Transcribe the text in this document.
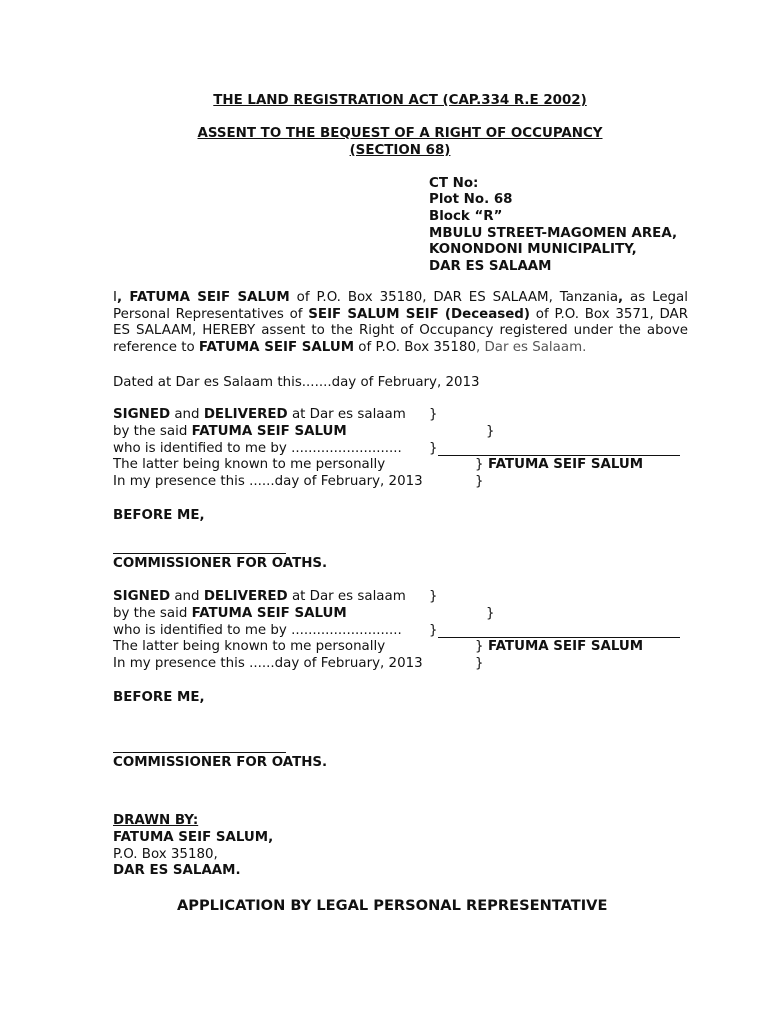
THE LAND REGISTRATION ACT (CAP.334 R.E 2002)
ASSENT TO THE BEQUEST OF A RIGHT OF OCCUPANCY
(SECTION 68)
CT No:
Plot No. 68
Block “R”
MBULU STREET-MAGOMEN AREA,
KONONDONI MUNICIPALITY,
DAR ES SALAAM
I, FATUMA SEIF SALUM of P.O. Box 35180, DAR ES SALAAM, Tanzania, as Legal Personal Representatives of SEIF SALUM SEIF (Deceased) of P.O. Box 3571, DAR ES SALAAM, HEREBY assent to the Right of Occupancy registered under the above reference to FATUMA SEIF SALUM of P.O. Box 35180, Dar es Salaam.
Dated at Dar es Salaam this.......day of February, 2013
SIGNED and DELIVERED at Dar es salaam }
by the said FATUMA SEIF SALUM	}
who is identified to me by .......................... }
The latter being known to me personally	} FATUMA SEIF SALUM
In my presence this ......day of February, 2013	}
BEFORE ME,
COMMISSIONER FOR OATHS.
SIGNED and DELIVERED at Dar es salaam }
by the said FATUMA SEIF SALUM	}
who is identified to me by .......................... }
The latter being known to me personally	} FATUMA SEIF SALUM
In my presence this ......day of February, 2013	}
BEFORE ME,
COMMISSIONER FOR OATHS.
DRAWN BY:
FATUMA SEIF SALUM,
P.O. Box 35180,
DAR ES SALAAM.
APPLICATION BY LEGAL PERSONAL REPRESENTATIVE
